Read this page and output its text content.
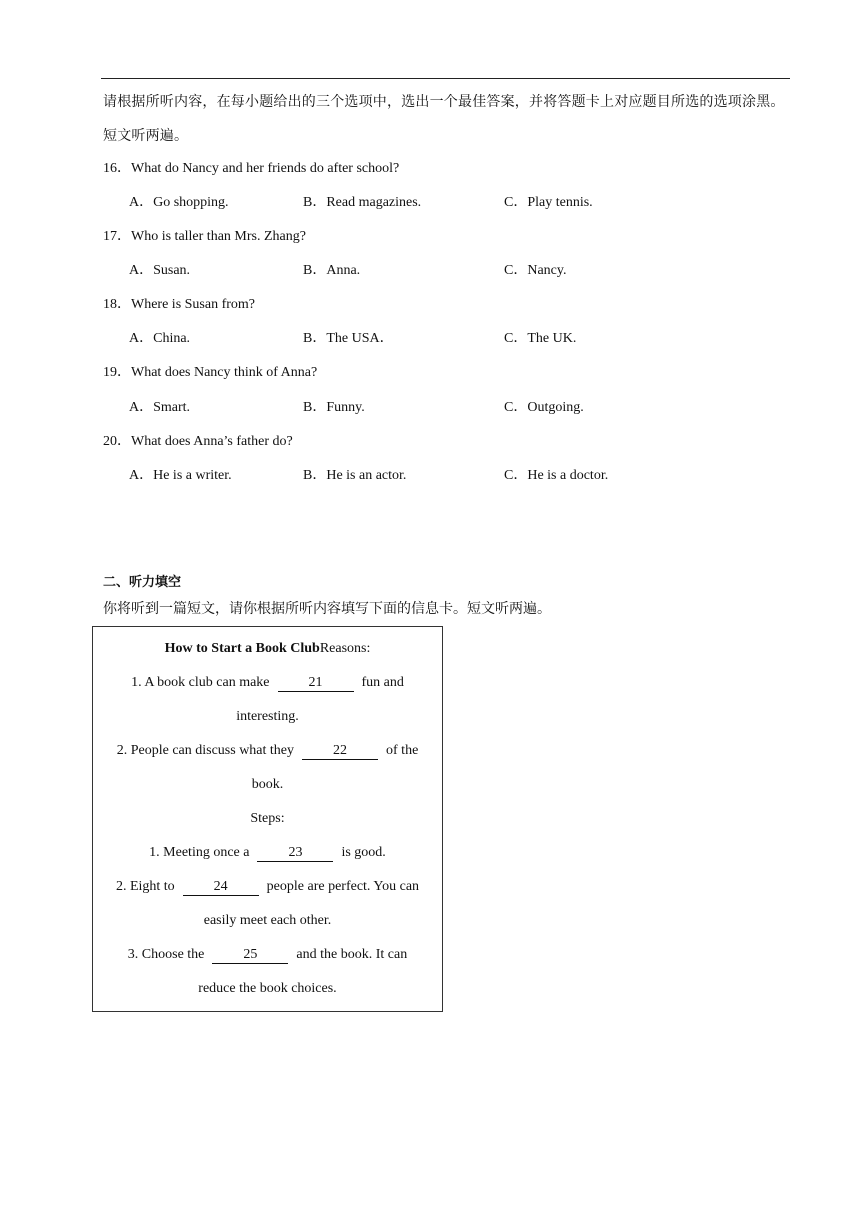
请根据所听内容，在每小题给出的三个选项中，选出一个最佳答案，并将答题卡上对应题目所选的选项涂黑。短文听两遍。
16．What do Nancy and her friends do after school?
A．Go shopping.	B．Read magazines.	C．Play tennis.
17．Who is taller than Mrs. Zhang?
A．Susan.	B．Anna.	C．Nancy.
18．Where is Susan from?
A．China.	B．The USA．	C．The UK.
19．What does Nancy think of Anna?
A．Smart.	B．Funny.	C．Outgoing.
20．What does Anna’s father do?
A．He is a writer.	B．He is an actor.	C．He is a doctor.
二、听力填空
你将听到一篇短文，请你根据所听内容填写下面的信息卡。短文听两遍。
How to Start a Book ClubReasons:
1. A book club can make	21	fun and
interesting.
2. People can discuss what they	22	of the
book.
Steps:
1. Meeting once a	23	is good.
2. Eight to	24	people are perfect. You can
easily meet each other.
3. Choose the	25	and the book. It can
reduce the book choices.
